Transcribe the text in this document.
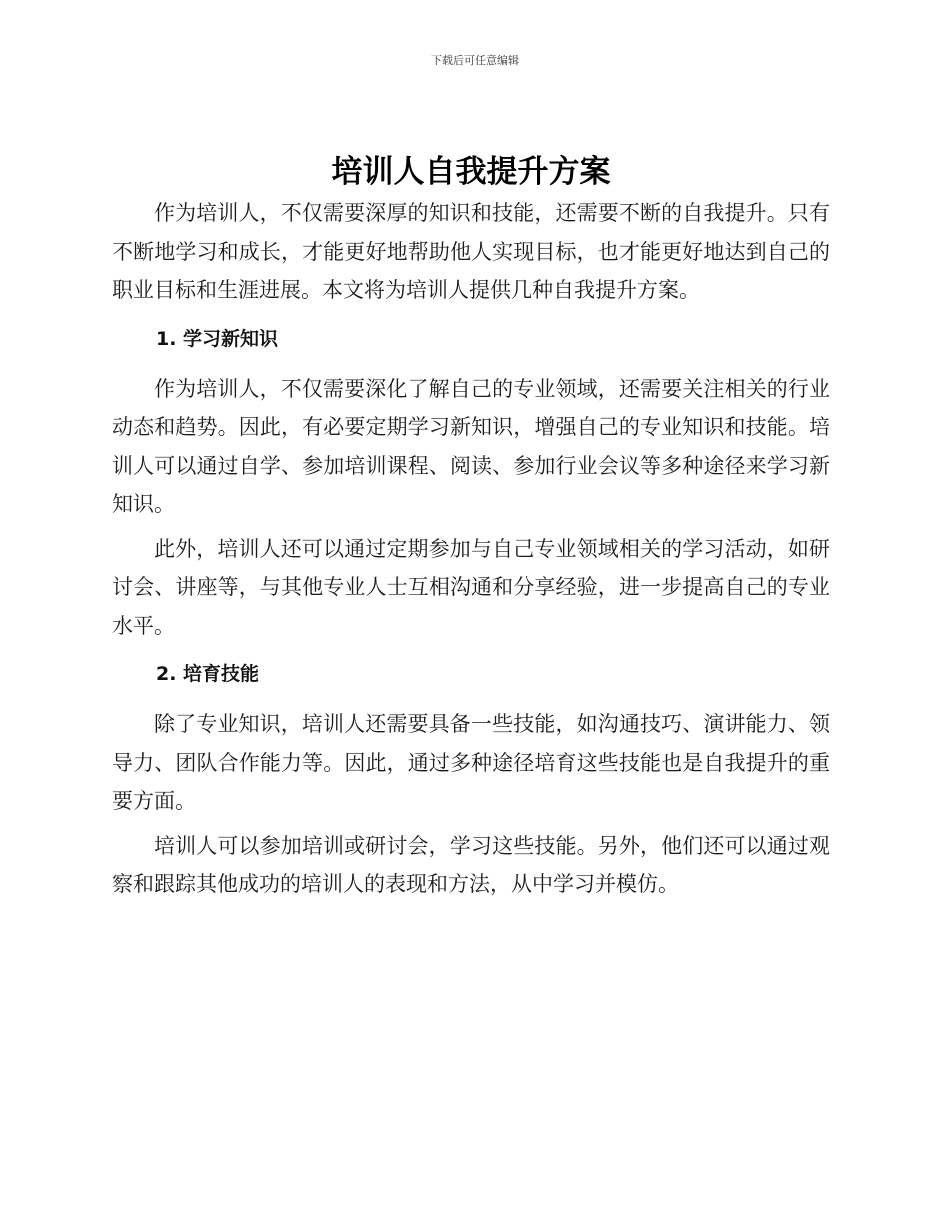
下载后可任意编辑
培训人自我提升方案

作为培训人，不仅需要深厚的知识和技能，还需要不断的自我提升。只有不断地学习和成长，才能更好地帮助他人实现目标，也才能更好地达到自己的职业目标和生涯进展。本文将为培训人提供几种自我提升方案。

1. 学习新知识

作为培训人，不仅需要深化了解自己的专业领域，还需要关注相关的行业动态和趋势。因此，有必要定期学习新知识，增强自己的专业知识和技能。培训人可以通过自学、参加培训课程、阅读、参加行业会议等多种途径来学习新知识。

此外，培训人还可以通过定期参加与自己专业领域相关的学习活动，如研讨会、讲座等，与其他专业人士互相沟通和分享经验，进一步提高自己的专业水平。

2. 培育技能

除了专业知识，培训人还需要具备一些技能，如沟通技巧、演讲能力、领导力、团队合作能力等。因此，通过多种途径培育这些技能也是自我提升的重要方面。

培训人可以参加培训或研讨会，学习这些技能。另外，他们还可以通过观察和跟踪其他成功的培训人的表现和方法，从中学习并模仿。
